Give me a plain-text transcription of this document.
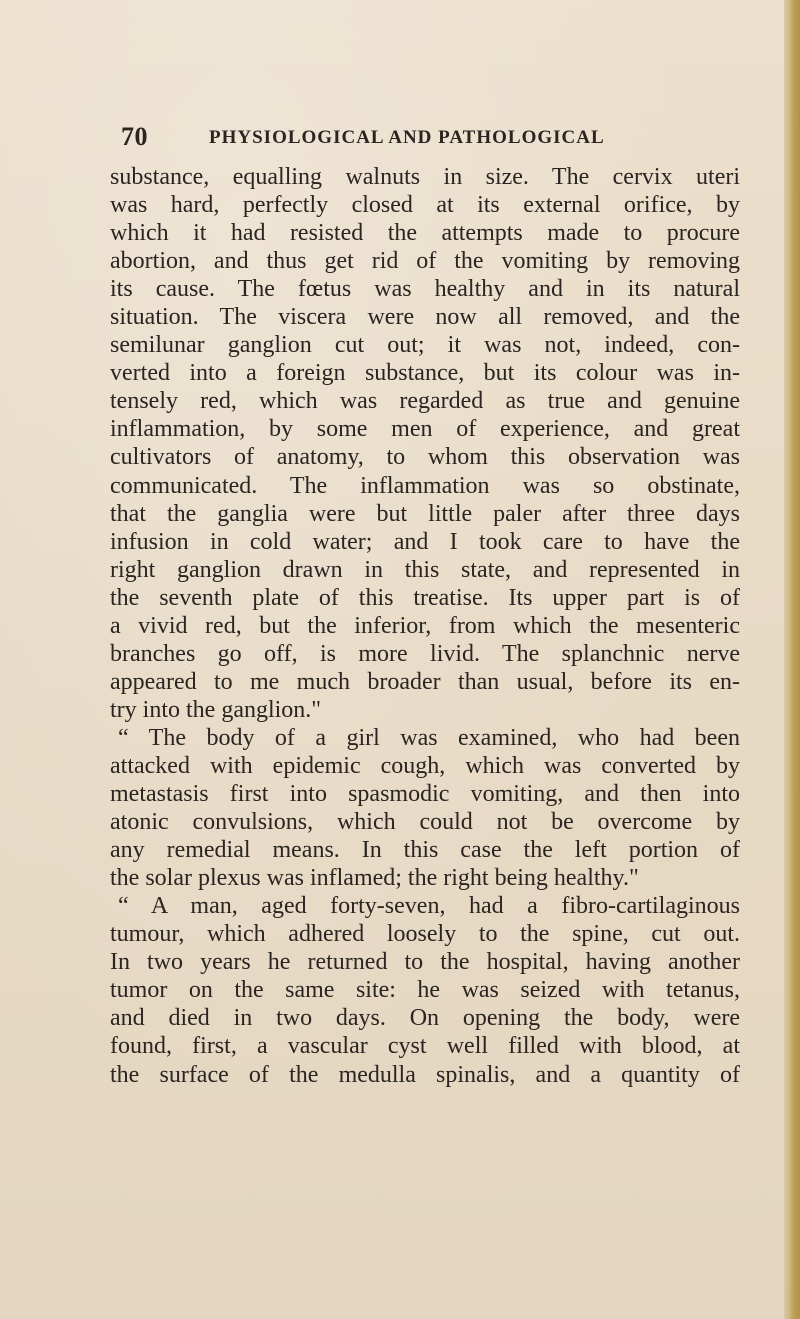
70	PHYSIOLOGICAL AND PATHOLOGICAL
substance, equalling walnuts in size. The cervix uteri
was hard, perfectly closed at its external orifice, by
which it had resisted the attempts made to procure
abortion, and thus get rid of the vomiting by removing
its cause. The fœtus was healthy and in its natural
situation. The viscera were now all removed, and the
semilunar ganglion cut out; it was not, indeed, con-
verted into a foreign substance, but its colour was in-
tensely red, which was regarded as true and genuine
inflammation, by some men of experience, and great
cultivators of anatomy, to whom this observation was
communicated. The inflammation was so obstinate,
that the ganglia were but little paler after three days
infusion in cold water; and I took care to have the
right ganglion drawn in this state, and represented in
the seventh plate of this treatise. Its upper part is of
a vivid red, but the inferior, from which the mesenteric
branches go off, is more livid. The splanchnic nerve
appeared to me much broader than usual, before its en-
try into the ganglion."
“ The body of a girl was examined, who had been
attacked with epidemic cough, which was converted by
metastasis first into spasmodic vomiting, and then into
atonic convulsions, which could not be overcome by
any remedial means. In this case the left portion of
the solar plexus was inflamed; the right being healthy."
“ A man, aged forty-seven, had a fibro-cartilaginous
tumour, which adhered loosely to the spine, cut out.
In two years he returned to the hospital, having another
tumor on the same site: he was seized with tetanus,
and died in two days. On opening the body, were
found, first, a vascular cyst well filled with blood, at
the surface of the medulla spinalis, and a quantity of
